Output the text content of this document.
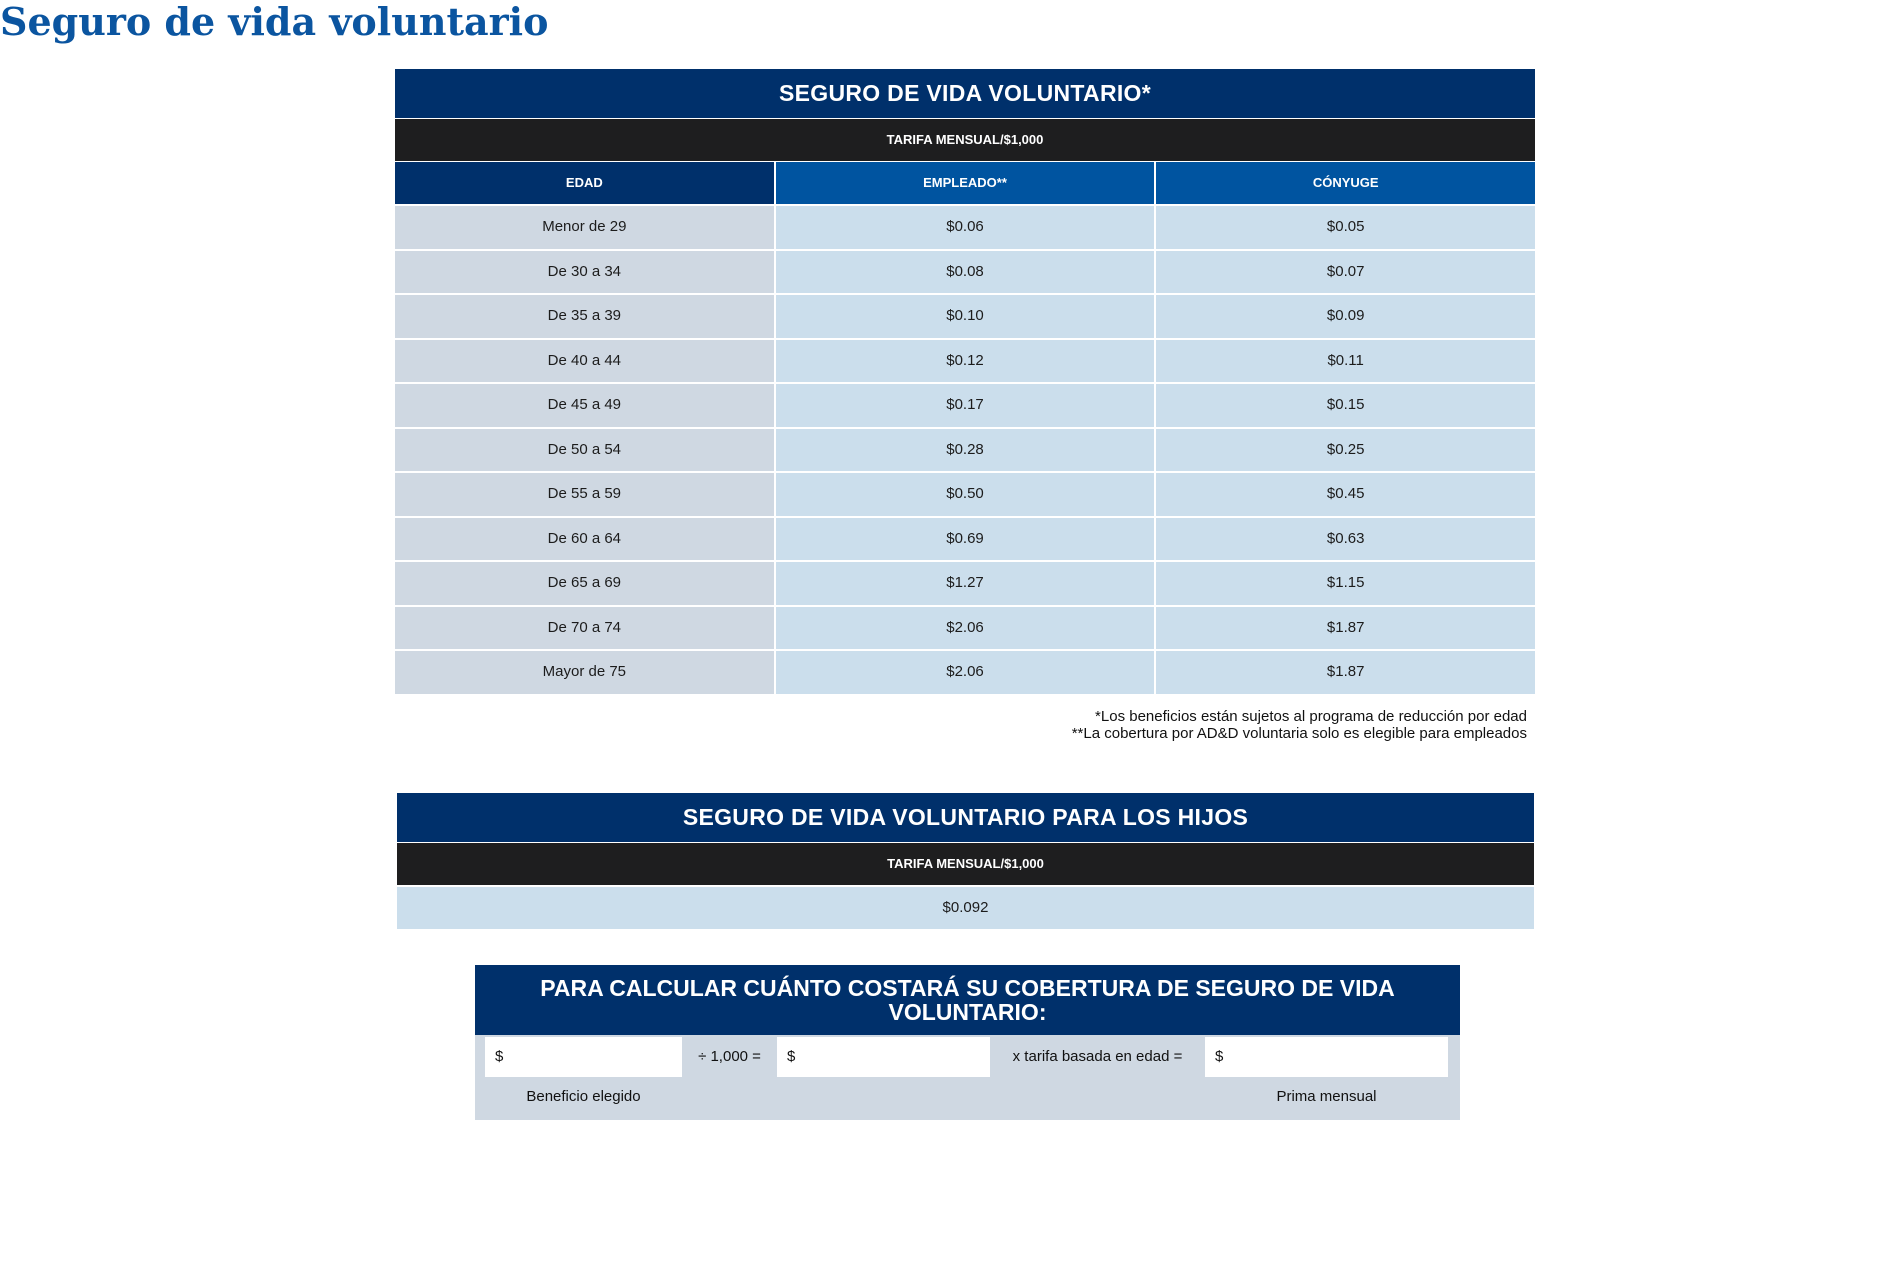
Seguro de vida voluntario
SEGURO DE VIDA VOLUNTARIO*
TARIFA MENSUAL/$1,000
EDAD	EMPLEADO**	CÓNYUGE
Menor de 29	$0.06	$0.05
De 30 a 34	$0.08	$0.07
De 35 a 39	$0.10	$0.09
De 40 a 44	$0.12	$0.11
De 45 a 49	$0.17	$0.15
De 50 a 54	$0.28	$0.25
De 55 a 59	$0.50	$0.45
De 60 a 64	$0.69	$0.63
De 65 a 69	$1.27	$1.15
De 70 a 74	$2.06	$1.87
Mayor de 75	$2.06	$1.87
*Los beneficios están sujetos al programa de reducción por edad
**La cobertura por AD&D voluntaria solo es elegible para empleados
SEGURO DE VIDA VOLUNTARIO PARA LOS HIJOS
TARIFA MENSUAL/$1,000
$0.092
PARA CALCULAR CUÁNTO COSTARÁ SU COBERTURA DE SEGURO DE VIDA VOLUNTARIO:
$	÷ 1,000 =	$	x tarifa basada en edad =	$
Beneficio elegido	Prima mensual
